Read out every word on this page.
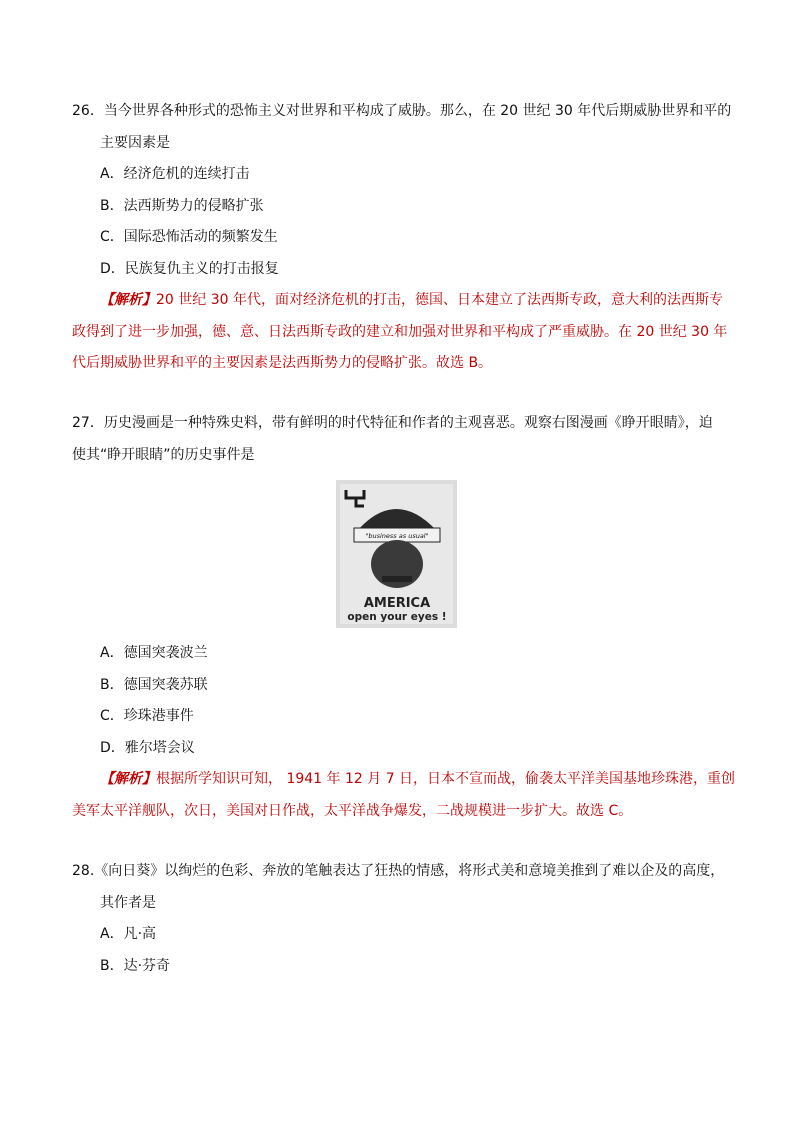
26．当今世界各种形式的恐怖主义对世界和平构成了威胁。那么，在 20 世纪 30 年代后期威胁世界和平的
主要因素是
A．经济危机的连续打击
B．法西斯势力的侵略扩张
C．国际恐怖活动的频繁发生
D．民族复仇主义的打击报复
【解析】20 世纪 30 年代，面对经济危机的打击，德国、日本建立了法西斯专政，意大利的法西斯专
政得到了进一步加强，德、意、日法西斯专政的建立和加强对世界和平构成了严重威胁。在 20 世纪 30 年
代后期威胁世界和平的主要因素是法西斯势力的侵略扩张。故选 B。
27．历史漫画是一种特殊史料，带有鲜明的时代特征和作者的主观喜恶。观察右图漫画《睁开眼睛》，迫
使其“睁开眼睛”的历史事件是
"business as usual"
AMERICA
open your eyes !
A．德国突袭波兰
B．德国突袭苏联
C．珍珠港事件
D．雅尔塔会议
【解析】根据所学知识可知， 1941 年 12 月 7 日，日本不宣而战，偷袭太平洋美国基地珍珠港，重创
美军太平洋舰队，次日，美国对日作战，太平洋战争爆发，二战规模进一步扩大。故选 C。
28.《向日葵》以绚烂的色彩、奔放的笔触表达了狂热的情感，将形式美和意境美推到了难以企及的高度，
其作者是
A．凡·高
B．达·芬奇
